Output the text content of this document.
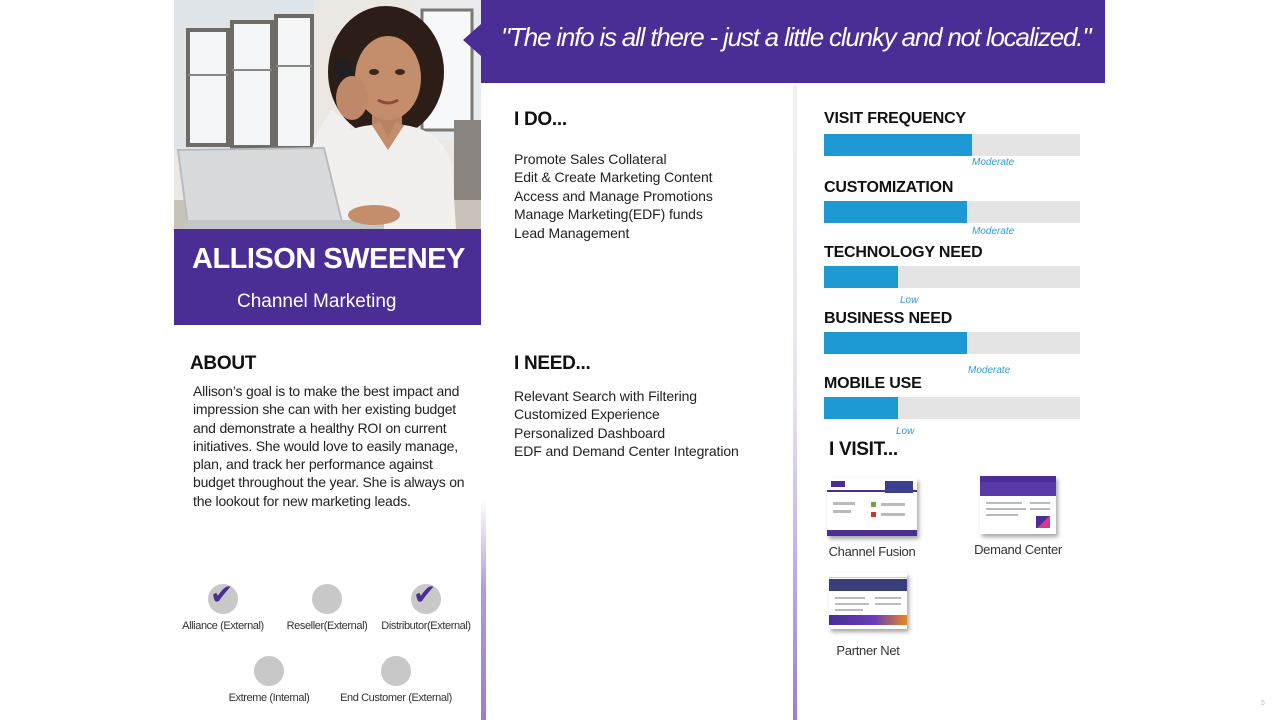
ALLISON SWEENEY
Channel Marketing
ABOUT
Allison’s goal is to make the best impact and impression she can with her existing budget and demonstrate a healthy ROI on current initiatives. She would love to easily manage, plan, and track her performance against budget throughout the year. She is always on the lookout for new marketing leads.
✔
Alliance (External)	Reseller(External)
✔
Distributor(External)
Extreme (Internal)	End Customer (External)
"The info is all there - just a little clunky and not localized."
I DO...
Promote Sales Collateral
Edit & Create Marketing Content
Access and Manage Promotions
Manage Marketing(EDF) funds
Lead Management
I NEED...
Relevant Search with Filtering
Customized Experience
Personalized Dashboard
EDF and Demand Center Integration
VISIT FREQUENCY
Moderate
CUSTOMIZATION
Moderate
TECHNOLOGY NEED
Low
BUSINESS NEED
Moderate
MOBILE USE
Low
I VISIT...
Channel Fusion	Demand Center
Partner Net
5
